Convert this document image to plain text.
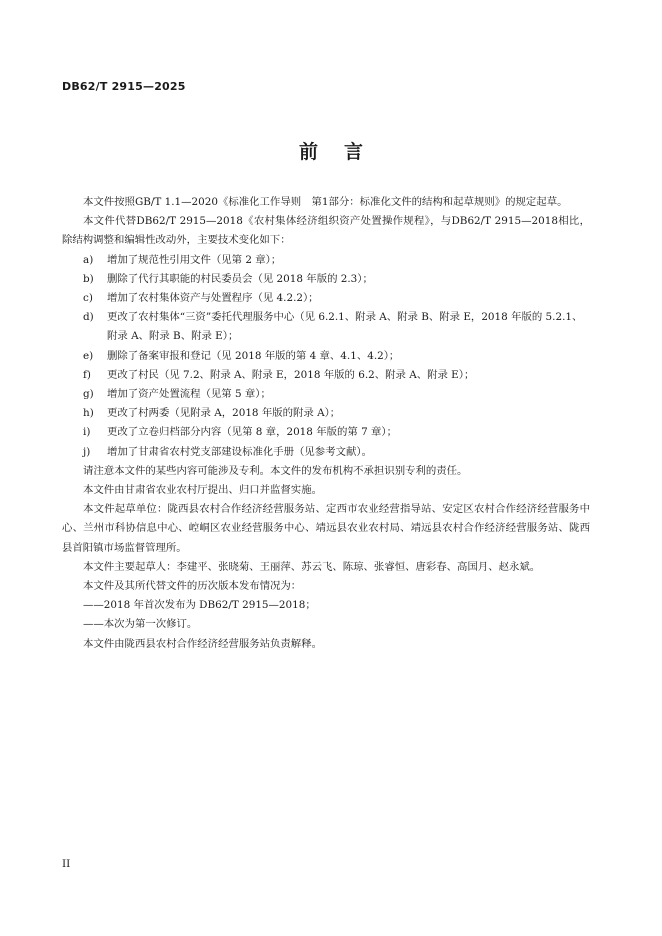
DB62/T 2915—2025
前言

本文件按照GB/T 1.1—2020《标准化工作导则　第1部分：标准化文件的结构和起草规则》的规定起草。

本文件代替DB62/T 2915—2018《农村集体经济组织资产处置操作规程》，与DB62/T 2915—2018相比，除结构调整和编辑性改动外，主要技术变化如下：

a)	增加了规范性引用文件（见第 2 章）；
b)	删除了代行其职能的村民委员会（见 2018 年版的 2.3）；
c)	增加了农村集体资产与处置程序（见 4.2.2）；
d)	更改了农村集体“三资”委托代理服务中心（见 6.2.1、附录 A、附录 B、附录 E，2018 年版的 5.2.1、附录 A、附录 B、附录 E）；
e)	删除了备案审报和登记（见 2018 年版的第 4 章、4.1、4.2）；
f)	更改了村民（见 7.2、附录 A、附录 E，2018 年版的 6.2、附录 A、附录 E）；
g)	增加了资产处置流程（见第 5 章）；
h)	更改了村两委（见附录 A，2018 年版的附录 A）；
i)	更改了立卷归档部分内容（见第 8 章，2018 年版的第 7 章）；
j)	增加了甘肃省农村党支部建设标准化手册（见参考文献）。

请注意本文件的某些内容可能涉及专利。本文件的发布机构不承担识别专利的责任。

本文件由甘肃省农业农村厅提出、归口并监督实施。

本文件起草单位：陇西县农村合作经济经营服务站、定西市农业经营指导站、安定区农村合作经济经营服务中心、兰州市科协信息中心、崆峒区农业经营服务中心、靖远县农业农村局、靖远县农村合作经济经营服务站、陇西县首阳镇市场监督管理所。

本文件主要起草人：李建平、张晓菊、王丽萍、苏云飞、陈琼、张睿恒、唐彩春、高国月、赵永斌。

本文件及其所代替文件的历次版本发布情况为：

——2018 年首次发布为 DB62/T 2915—2018；

——本次为第一次修订。

本文件由陇西县农村合作经济经营服务站负责解释。

II
